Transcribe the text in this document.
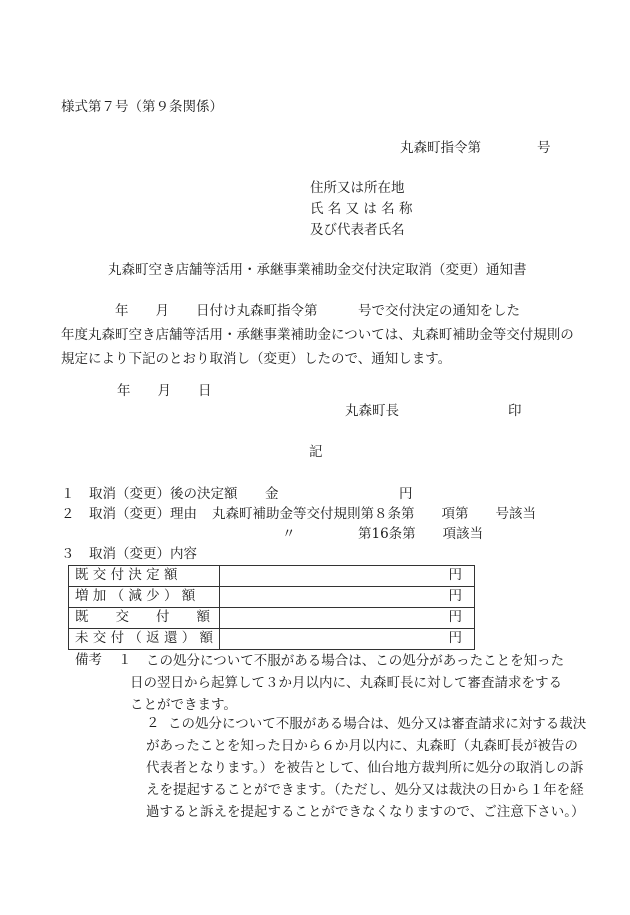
様式第７号（第９条関係）
丸森町指令第	号
住所又は所在地
氏 名 又 は 名 称
及び代表者氏名
丸森町空き店舗等活用・承継事業補助金交付決定取消（変更）通知書
　　　　年　　月　　日付け丸森町指令第　　　号で交付決定の通知をした
年度丸森町空き店舗等活用・承継事業補助金については、丸森町補助金等交付規則の
規定により下記のとおり取消し（変更）したので、通知します。
年　　月　　日
丸森町長	印
記
１ 取消（変更）後の決定額 金	円
２ 取消（変更）理由 丸森町補助金等交付規則第８条第　　項第　　号該当
〃	第16条第　　項該当
３ 取消（変更）内容
既 交 付 決 定 額	円
増 加 （ 減 少 ） 額	円
既　　交　　付　　額	円
未 交 付 （ 返 還 ） 額	円
備考 １ この処分について不服がある場合は、この処分があったことを知った
日の翌日から起算して３か月以内に、丸森町長に対して審査請求をする
ことができます。
２ この処分について不服がある場合は、処分又は審査請求に対する裁決
があったことを知った日から６か月以内に、丸森町（丸森町長が被告の
代表者となります。）を被告として、仙台地方裁判所に処分の取消しの訴
えを提起することができます。（ただし、処分又は裁決の日から１年を経
過すると訴えを提起することができなくなりますので、ご注意下さい。）
